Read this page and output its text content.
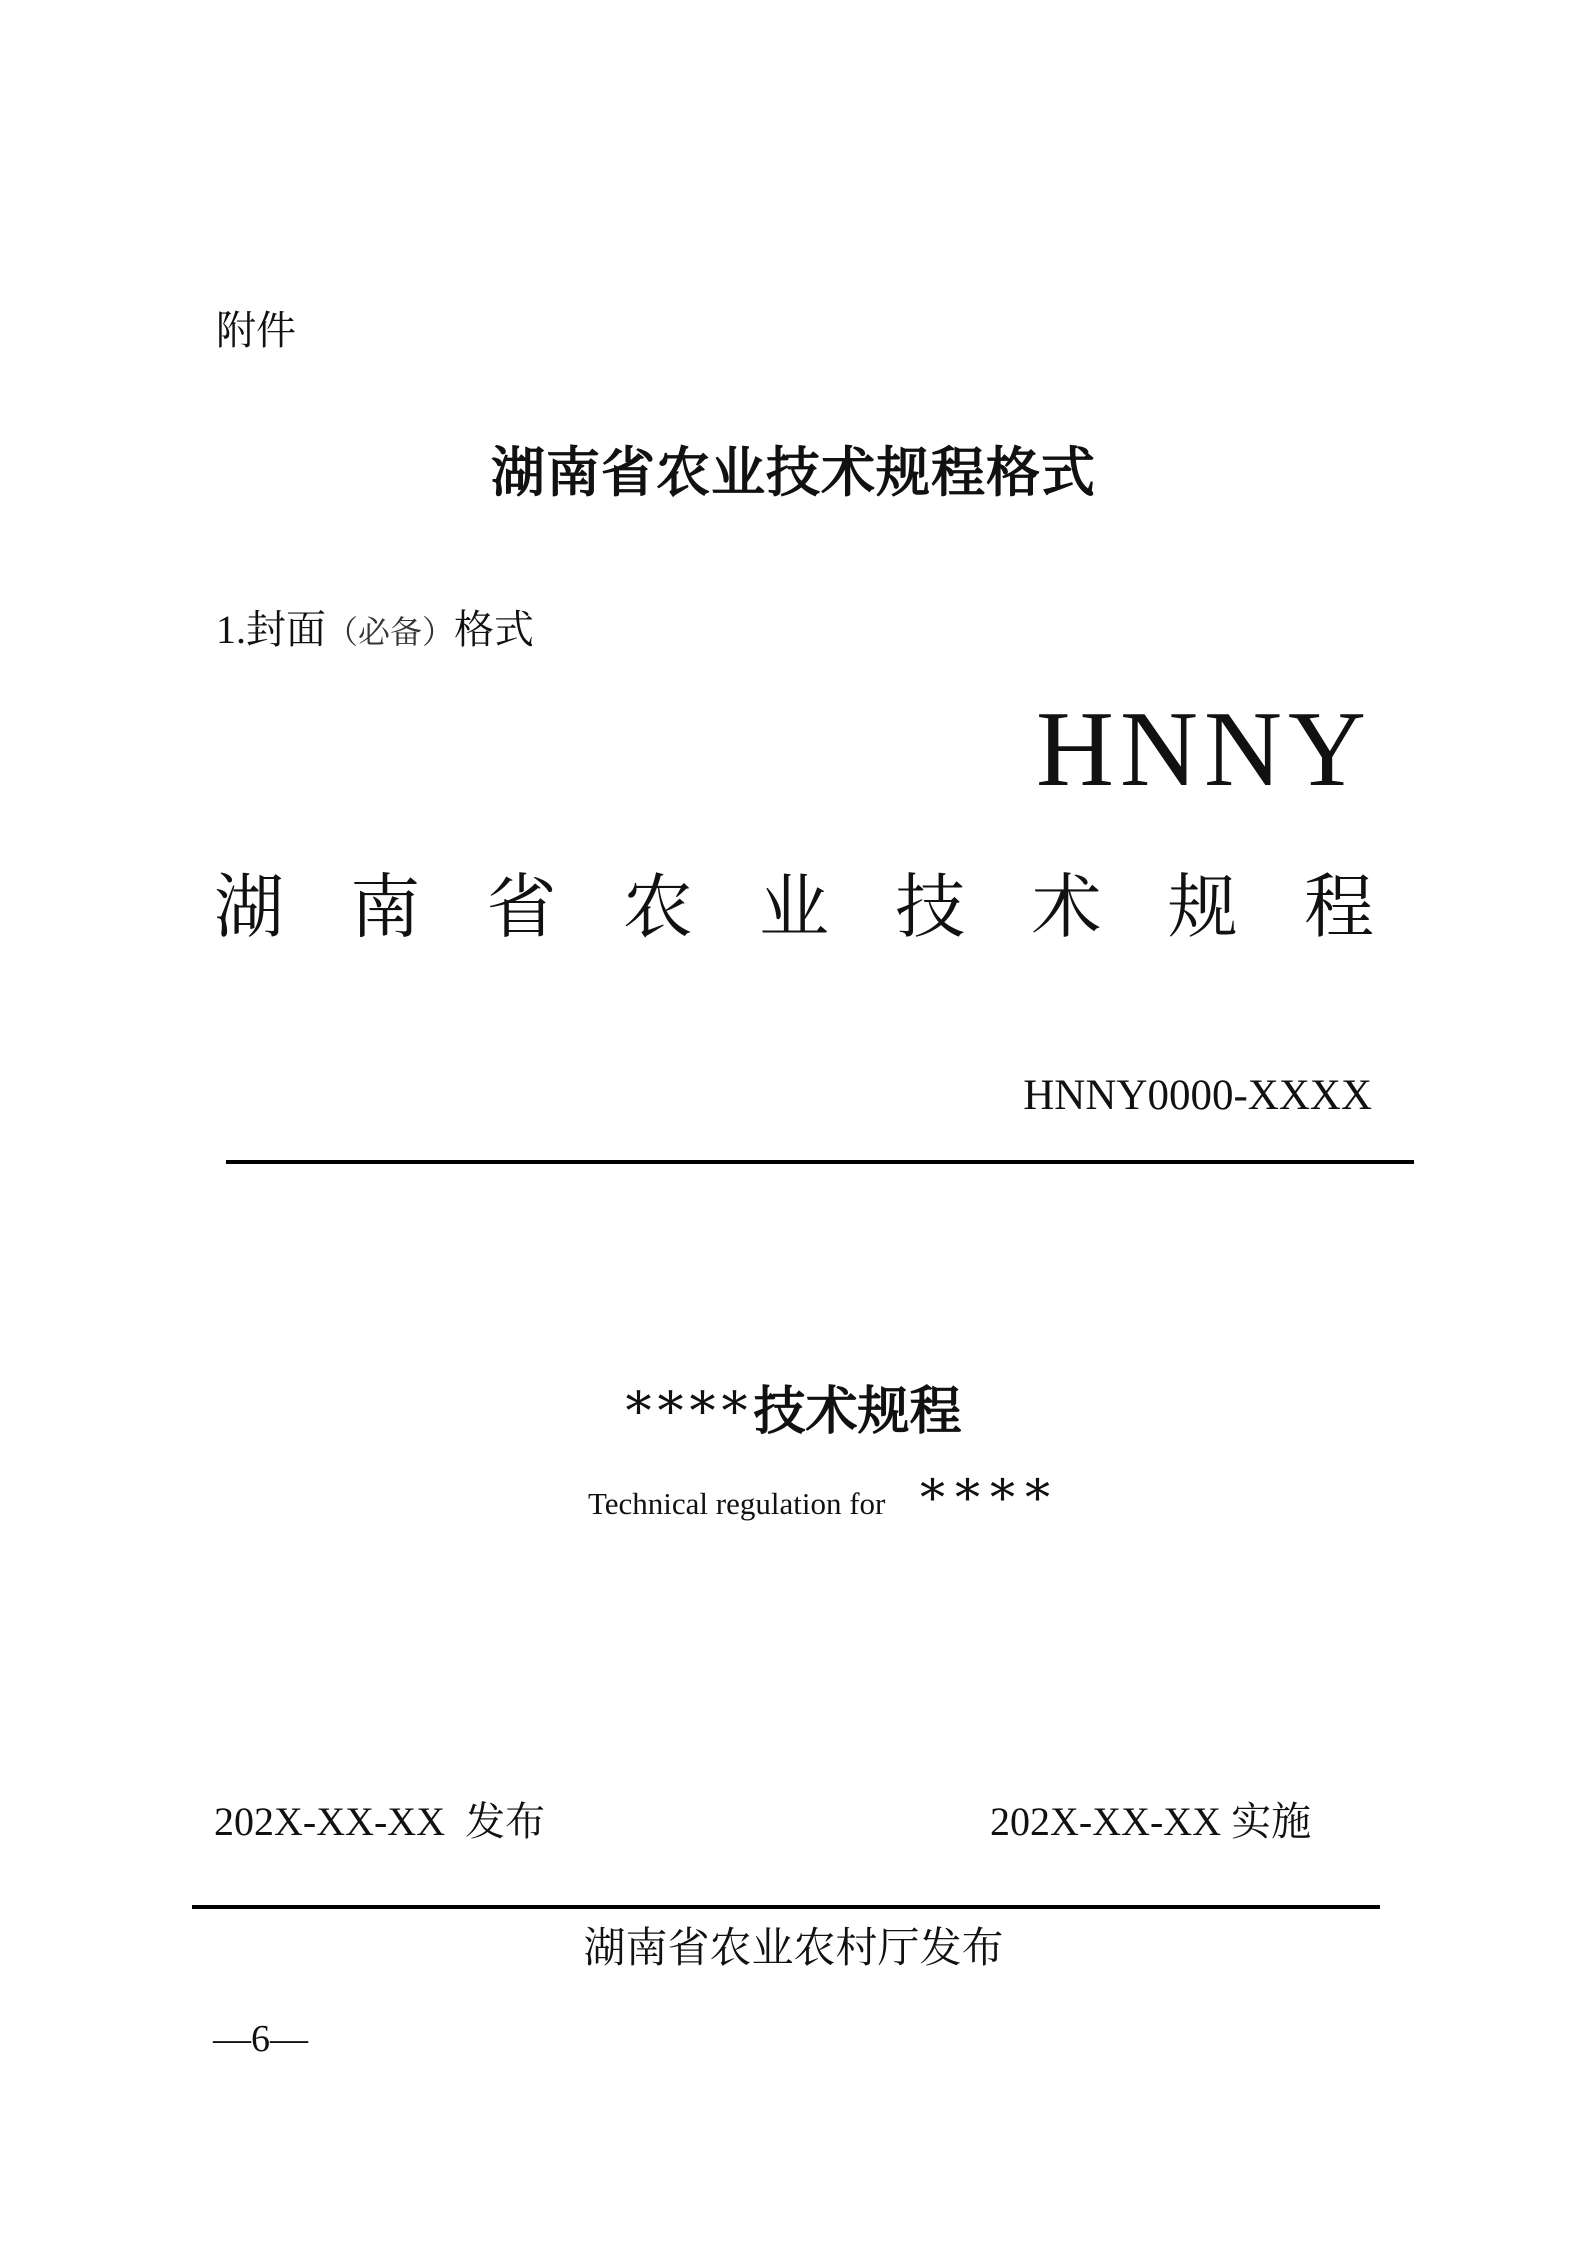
附件

湖南省农业技术规程格式

1.封面（必备）格式

HNNY
湖 南 省 农 业 技 术 规 程
HNNY0000-XXXX
****技术规程

Technical regulation for ****

202X-XX-XX 发布	202X-XX-XX 实施

湖南省农业农村厅发布

—6—
